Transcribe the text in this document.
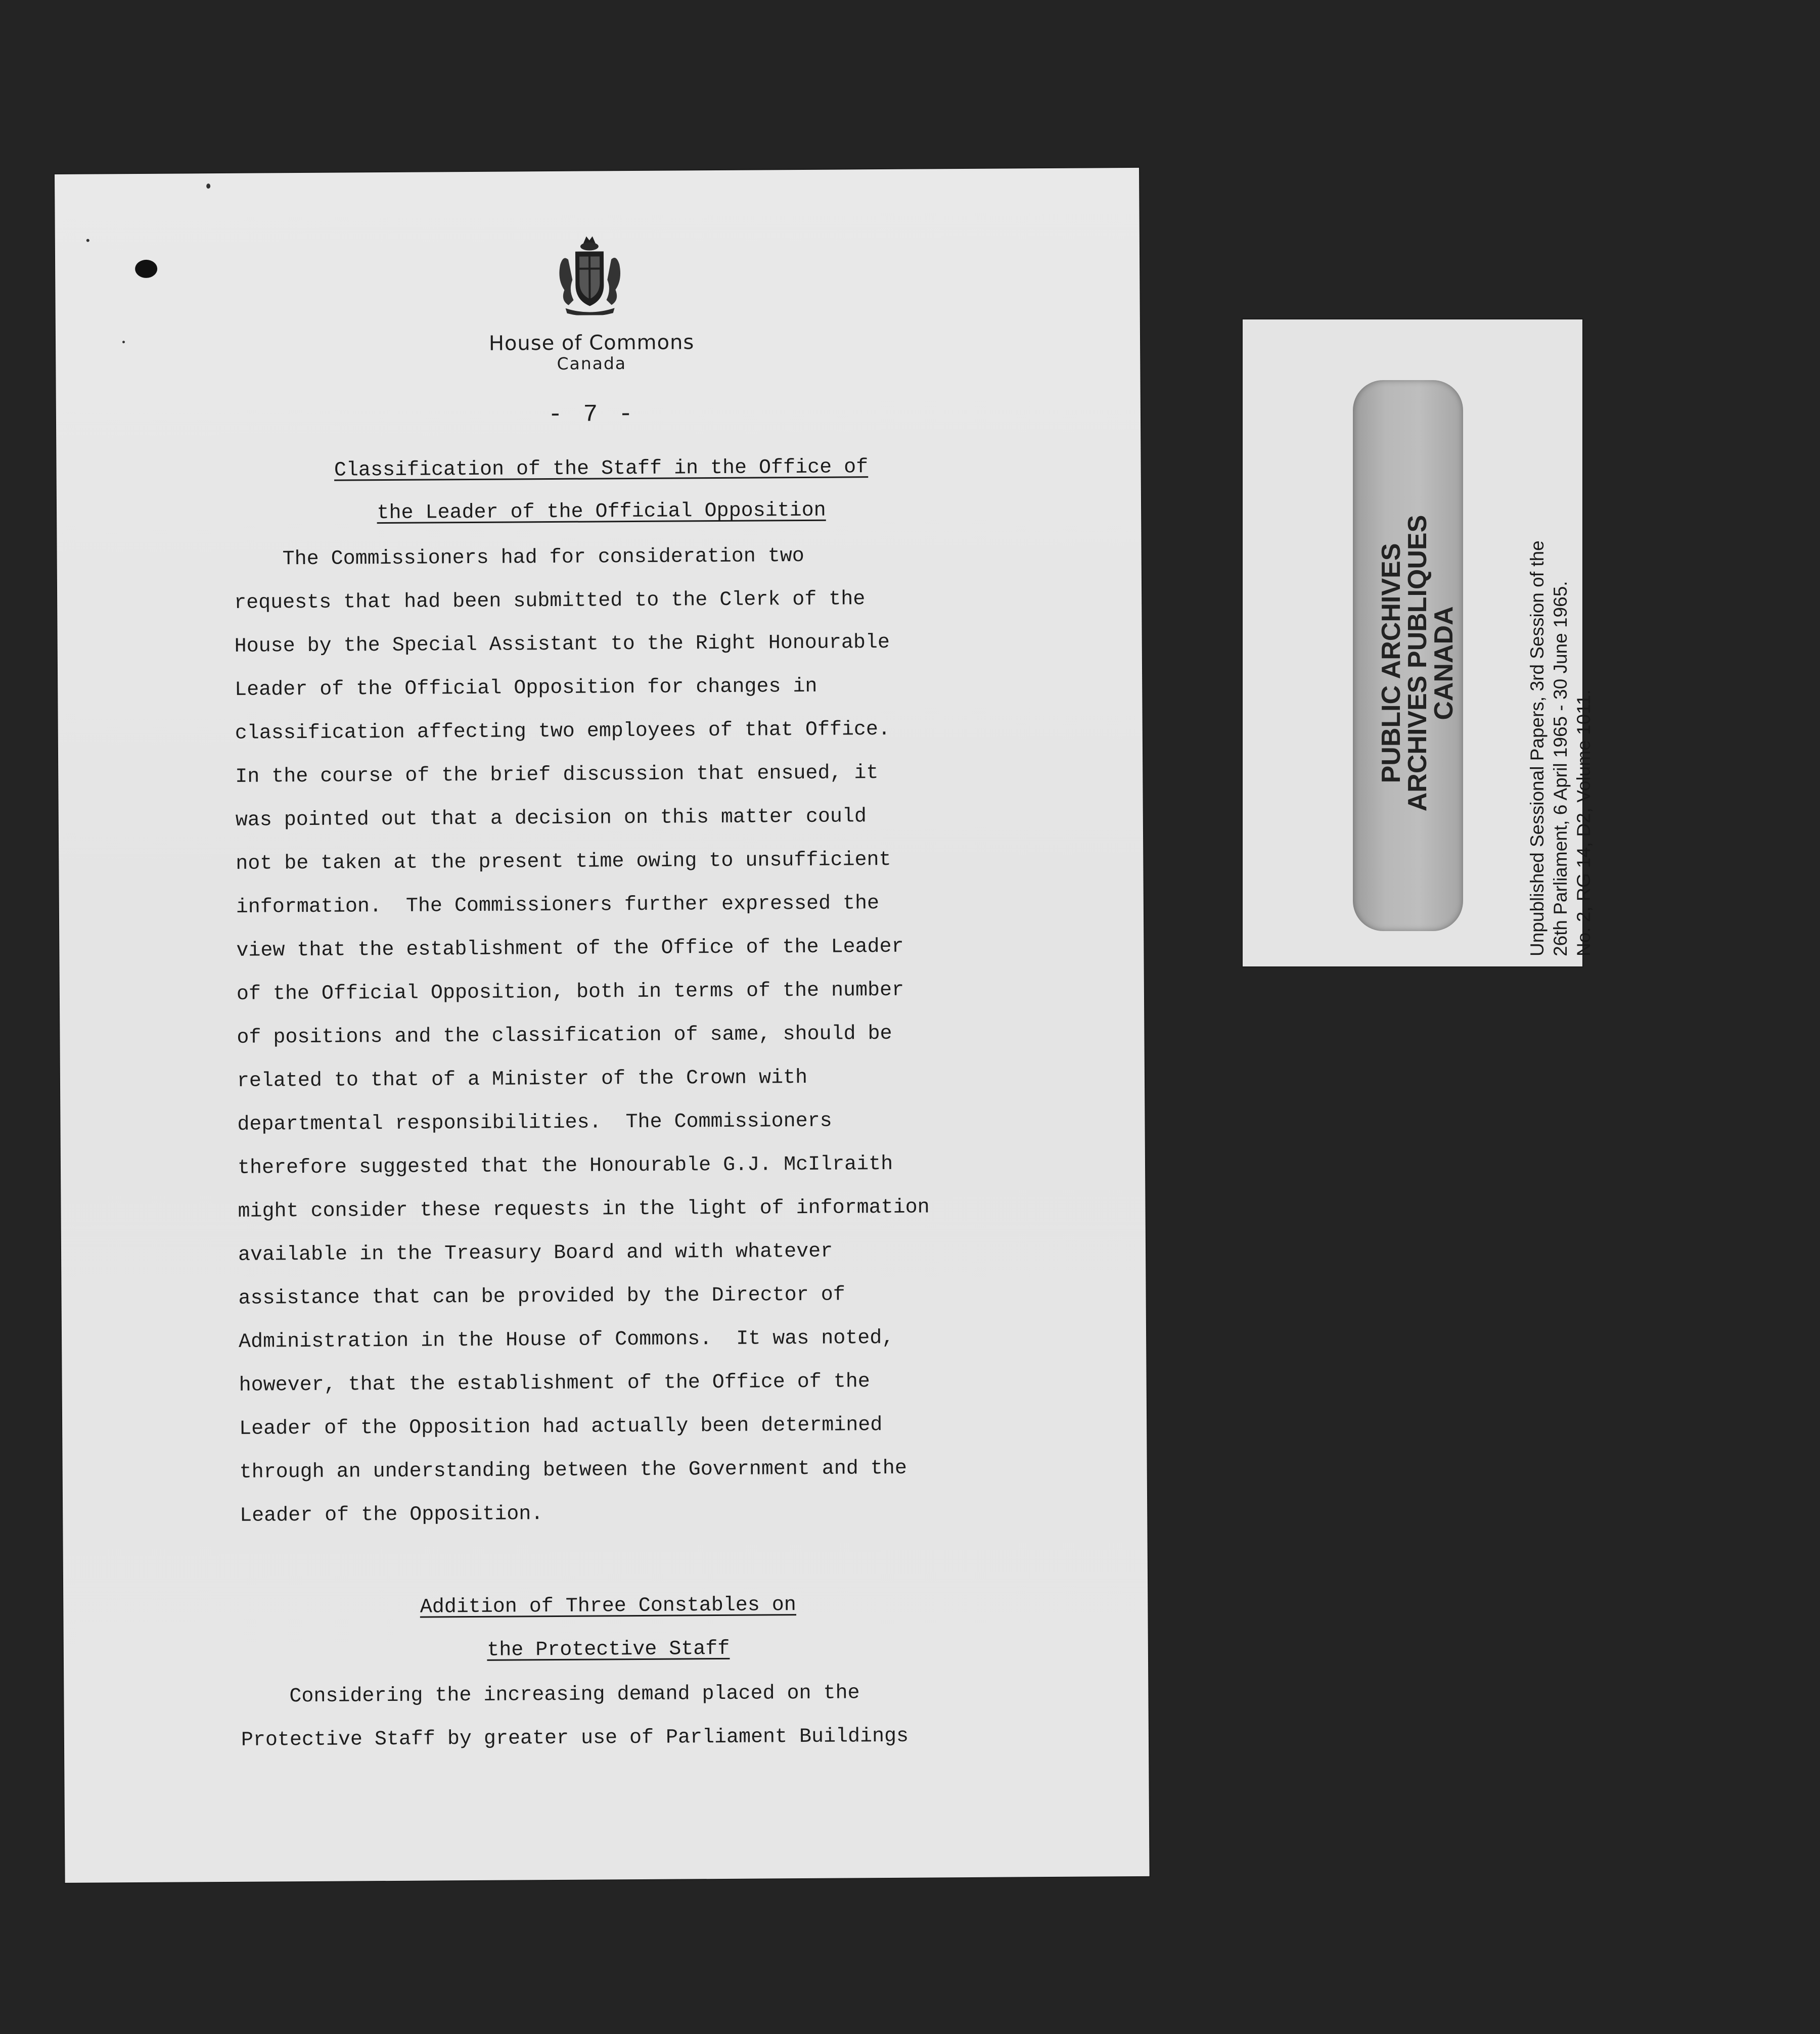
House of Commons
Canada
- 7 -
Classification of the Staff in the Office of
the Leader of the Official Opposition
The Commissioners had for consideration two
requests that had been submitted to the Clerk of the
House by the Special Assistant to the Right Honourable
Leader of the Official Opposition for changes in
classification affecting two employees of that Office.
In the course of the brief discussion that ensued, it
was pointed out that a decision on this matter could
not be taken at the present time owing to unsufficient
information.  The Commissioners further expressed the
view that the establishment of the Office of the Leader
of the Official Opposition, both in terms of the number
of positions and the classification of same, should be
related to that of a Minister of the Crown with
departmental responsibilities.  The Commissioners
therefore suggested that the Honourable G.J. McIlraith
might consider these requests in the light of information
available in the Treasury Board and with whatever
assistance that can be provided by the Director of
Administration in the House of Commons.  It was noted,
however, that the establishment of the Office of the
Leader of the Opposition had actually been determined
through an understanding between the Government and the
Leader of the Opposition.
Addition of Three Constables on
the Protective Staff
Considering the increasing demand placed on the
Protective Staff by greater use of Parliament Buildings
Unpublished Sessional Papers, 3rd Session of the 26th Parliament, 6 April 1965 - 30 June 1965. No. 2, RG 14, D2, Volume 1011.
PUBLIC ARCHIVES
ARCHIVES PUBLIQUES
CANADA
